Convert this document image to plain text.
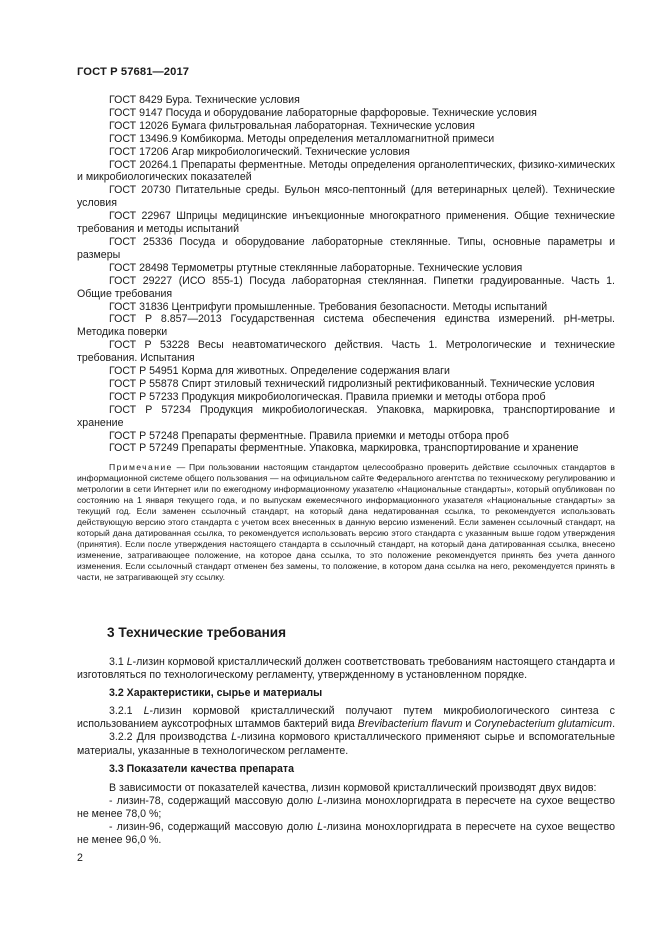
ГОСТ Р 57681—2017

ГОСТ 8429 Бура. Технические условия

ГОСТ 9147 Посуда и оборудование лабораторные фарфоровые. Технические условия

ГОСТ 12026 Бумага фильтровальная лабораторная. Технические условия

ГОСТ 13496.9 Комбикорма. Методы определения металломагнитной примеси

ГОСТ 17206 Агар микробиологический. Технические условия

ГОСТ 20264.1 Препараты ферментные. Методы определения органолептических, физико-химических и микробиологических показателей

ГОСТ 20730 Питательные среды. Бульон мясо-пептонный (для ветеринарных целей). Технические условия

ГОСТ 22967 Шприцы медицинские инъекционные многократного применения. Общие технические требования и методы испытаний

ГОСТ 25336 Посуда и оборудование лабораторные стеклянные. Типы, основные параметры и размеры

ГОСТ 28498 Термометры ртутные стеклянные лабораторные. Технические условия

ГОСТ 29227 (ИСО 855-1) Посуда лабораторная стеклянная. Пипетки градуированные. Часть 1. Общие требования

ГОСТ 31836 Центрифуги промышленные. Требования безопасности. Методы испытаний

ГОСТ Р 8.857—2013 Государственная система обеспечения единства измерений. pH-метры. Методика поверки

ГОСТ Р 53228 Весы неавтоматического действия. Часть 1. Метрологические и технические требования. Испытания

ГОСТ Р 54951 Корма для животных. Определение содержания влаги

ГОСТ Р 55878 Спирт этиловый технический гидролизный ректификованный. Технические условия

ГОСТ Р 57233 Продукция микробиологическая. Правила приемки и методы отбора проб

ГОСТ Р 57234 Продукция микробиологическая. Упаковка, маркировка, транспортирование и хранение

ГОСТ Р 57248 Препараты ферментные. Правила приемки и методы отбора проб

ГОСТ Р 57249 Препараты ферментные. Упаковка, маркировка, транспортирование и хранение

Примечание — При пользовании настоящим стандартом целесообразно проверить действие ссылочных стандартов в информационной системе общего пользования — на официальном сайте Федерального агентства по техническому регулированию и метрологии в сети Интернет или по ежегодному информационному указателю «Национальные стандарты», который опубликован по состоянию на 1 января текущего года, и по выпускам ежемесячного информационного указателя «Национальные стандарты» за текущий год. Если заменен ссылочный стандарт, на который дана недатированная ссылка, то рекомендуется использовать действующую версию этого стандарта с учетом всех внесенных в данную версию изменений. Если заменен ссылочный стандарт, на который дана датированная ссылка, то рекомендуется использовать версию этого стандарта с указанным выше годом утверждения (принятия). Если после утверждения настоящего стандарта в ссылочный стандарт, на который дана датированная ссылка, внесено изменение, затрагивающее положение, на которое дана ссылка, то это положение рекомендуется принять без учета данного изменения. Если ссылочный стандарт отменен без замены, то положение, в котором дана ссылка на него, рекомендуется принять в части, не затрагивающей эту ссылку.

3 Технические требования

3.1 L-лизин кормовой кристаллический должен соответствовать требованиям настоящего стандарта и изготовляться по технологическому регламенту, утвержденному в установленном порядке.

3.2 Характеристики, сырье и материалы

3.2.1 L-лизин кормовой кристаллический получают путем микробиологического синтеза с использованием ауксотрофных штаммов бактерий вида Brevibacterium flavum и Corynebacterium glutamicum.

3.2.2 Для производства L-лизина кормового кристаллического применяют сырье и вспомогательные материалы, указанные в технологическом регламенте.

3.3 Показатели качества препарата

В зависимости от показателей качества, лизин кормовой кристаллический производят двух видов:

- лизин-78, содержащий массовую долю L-лизина монохлоргидрата в пересчете на сухое вещество не менее 78,0 %;

- лизин-96, содержащий массовую долю L-лизина монохлоргидрата в пересчете на сухое вещество не менее 96,0 %.

2
